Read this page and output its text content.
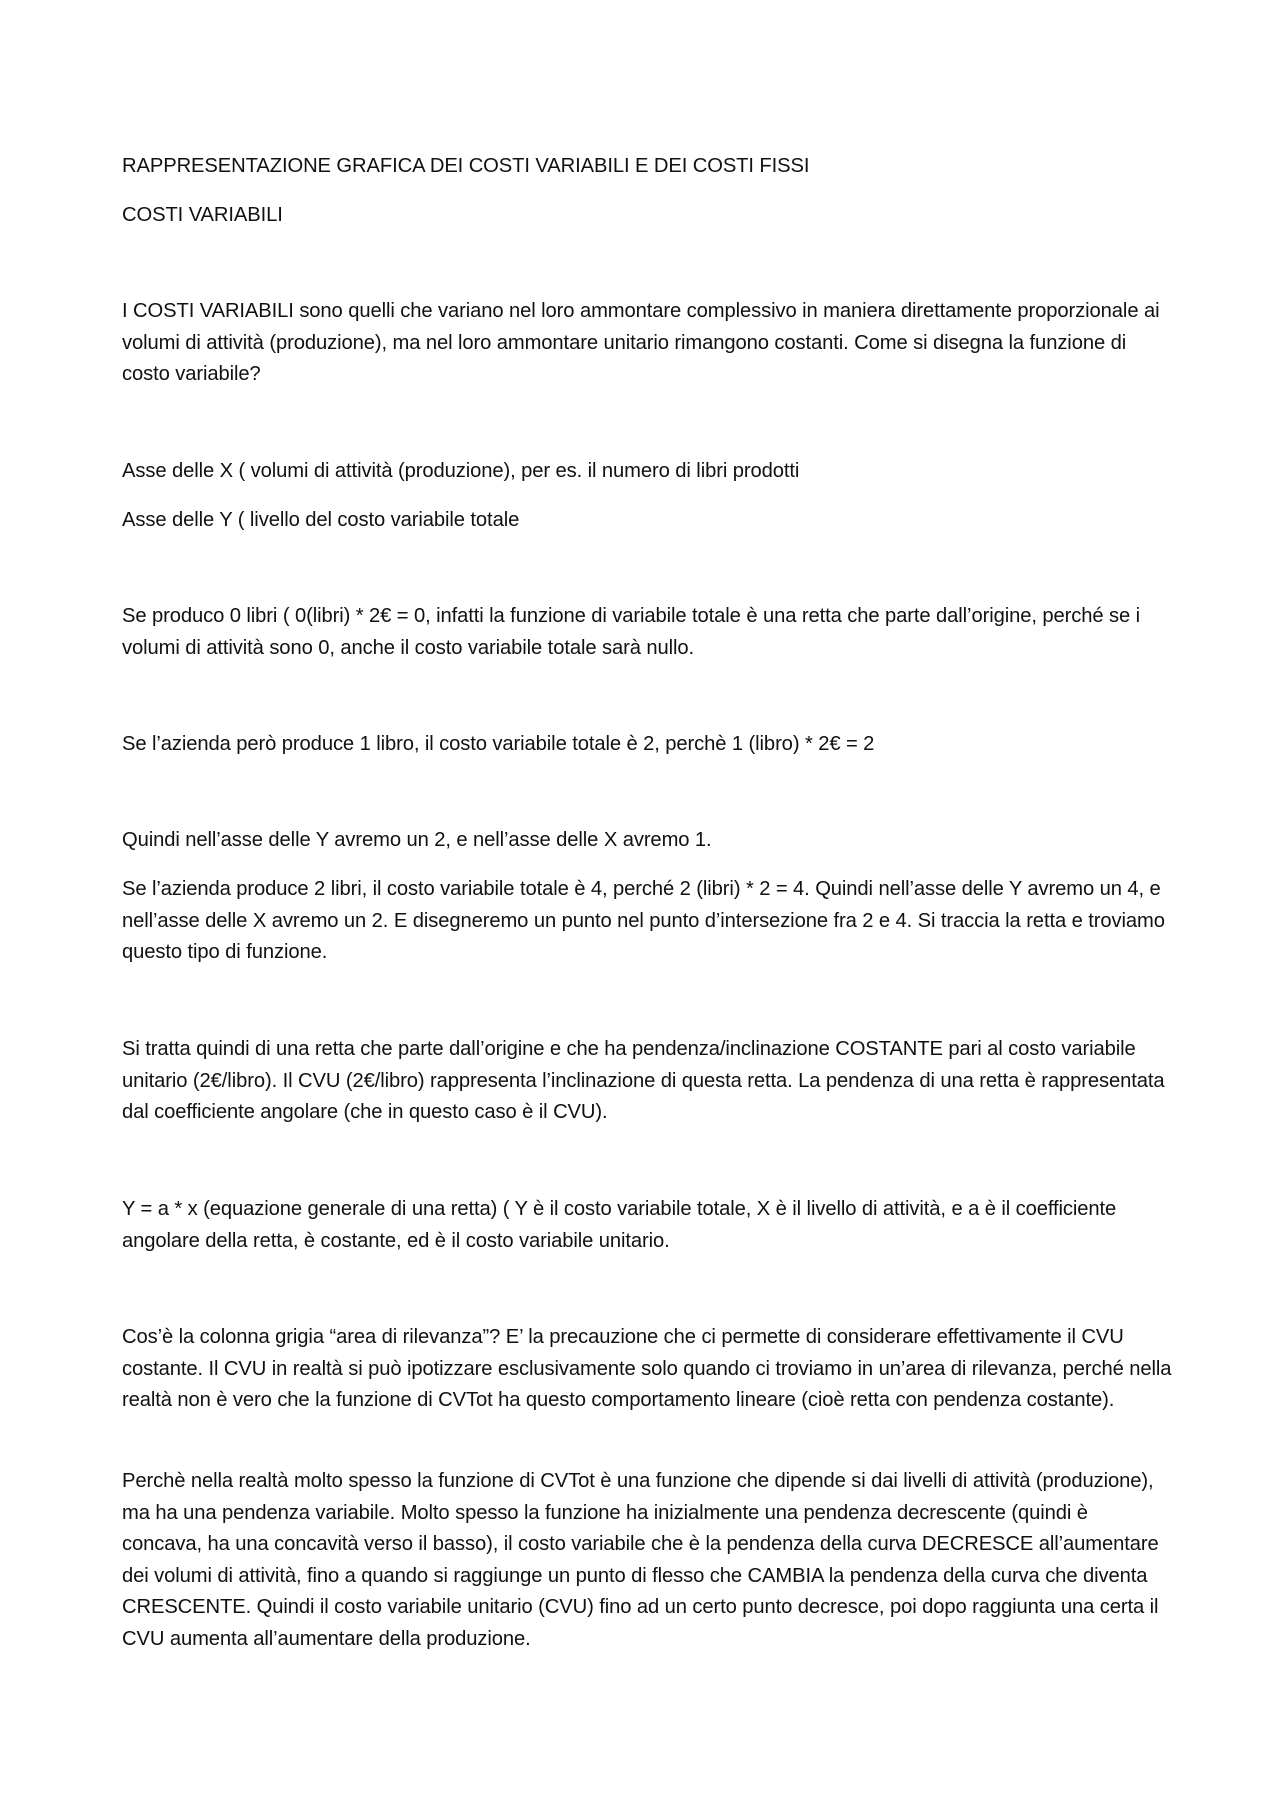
RAPPRESENTAZIONE GRAFICA DEI COSTI VARIABILI E DEI COSTI FISSI

COSTI VARIABILI

I COSTI VARIABILI sono quelli che variano nel loro ammontare complessivo in maniera direttamente proporzionale ai volumi di attività (produzione), ma nel loro ammontare unitario rimangono costanti. Come si disegna la funzione di costo variabile?

Asse delle X ( volumi di attività (produzione), per es. il numero di libri prodotti

Asse delle Y ( livello del costo variabile totale

Se produco 0 libri ( 0(libri) * 2€ = 0, infatti la funzione di variabile totale è una retta che parte dall’origine, perché se i volumi di attività sono 0, anche il costo variabile totale sarà nullo.

Se l’azienda però produce 1 libro, il costo variabile totale è 2, perchè 1 (libro) * 2€ = 2

Quindi nell’asse delle Y avremo un 2, e nell’asse delle X avremo 1.

Se l’azienda produce 2 libri, il costo variabile totale è 4, perché 2 (libri) * 2 = 4. Quindi nell’asse delle Y avremo un 4, e nell’asse delle X avremo un 2. E disegneremo un punto nel punto d’intersezione fra 2 e 4. Si traccia la retta e troviamo questo tipo di funzione.

Si tratta quindi di una retta che parte dall’origine e che ha pendenza/inclinazione COSTANTE pari al costo variabile unitario (2€/libro). Il CVU (2€/libro) rappresenta l’inclinazione di questa retta. La pendenza di una retta è rappresentata dal coefficiente angolare (che in questo caso è il CVU).

Y = a * x (equazione generale di una retta) ( Y è il costo variabile totale, X è il livello di attività, e a è il coefficiente angolare della retta, è costante, ed è il costo variabile unitario.

Cos’è la colonna grigia “area di rilevanza”? E’ la precauzione che ci permette di considerare effettivamente il CVU costante. Il CVU in realtà si può ipotizzare esclusivamente solo quando ci troviamo in un’area di rilevanza, perché nella realtà non è vero che la funzione di CVTot ha questo comportamento lineare (cioè retta con pendenza costante).

Perchè nella realtà molto spesso la funzione di CVTot è una funzione che dipende si dai livelli di attività (produzione), ma ha una pendenza variabile. Molto spesso la funzione ha inizialmente una pendenza decrescente (quindi è concava, ha una concavità verso il basso), il costo variabile che è la pendenza della curva DECRESCE all’aumentare dei volumi di attività, fino a quando si raggiunge un punto di flesso che CAMBIA la pendenza della curva che diventa CRESCENTE. Quindi il costo variabile unitario (CVU) fino ad un certo punto decresce, poi dopo raggiunta una certa il CVU aumenta all’aumentare della produzione.
